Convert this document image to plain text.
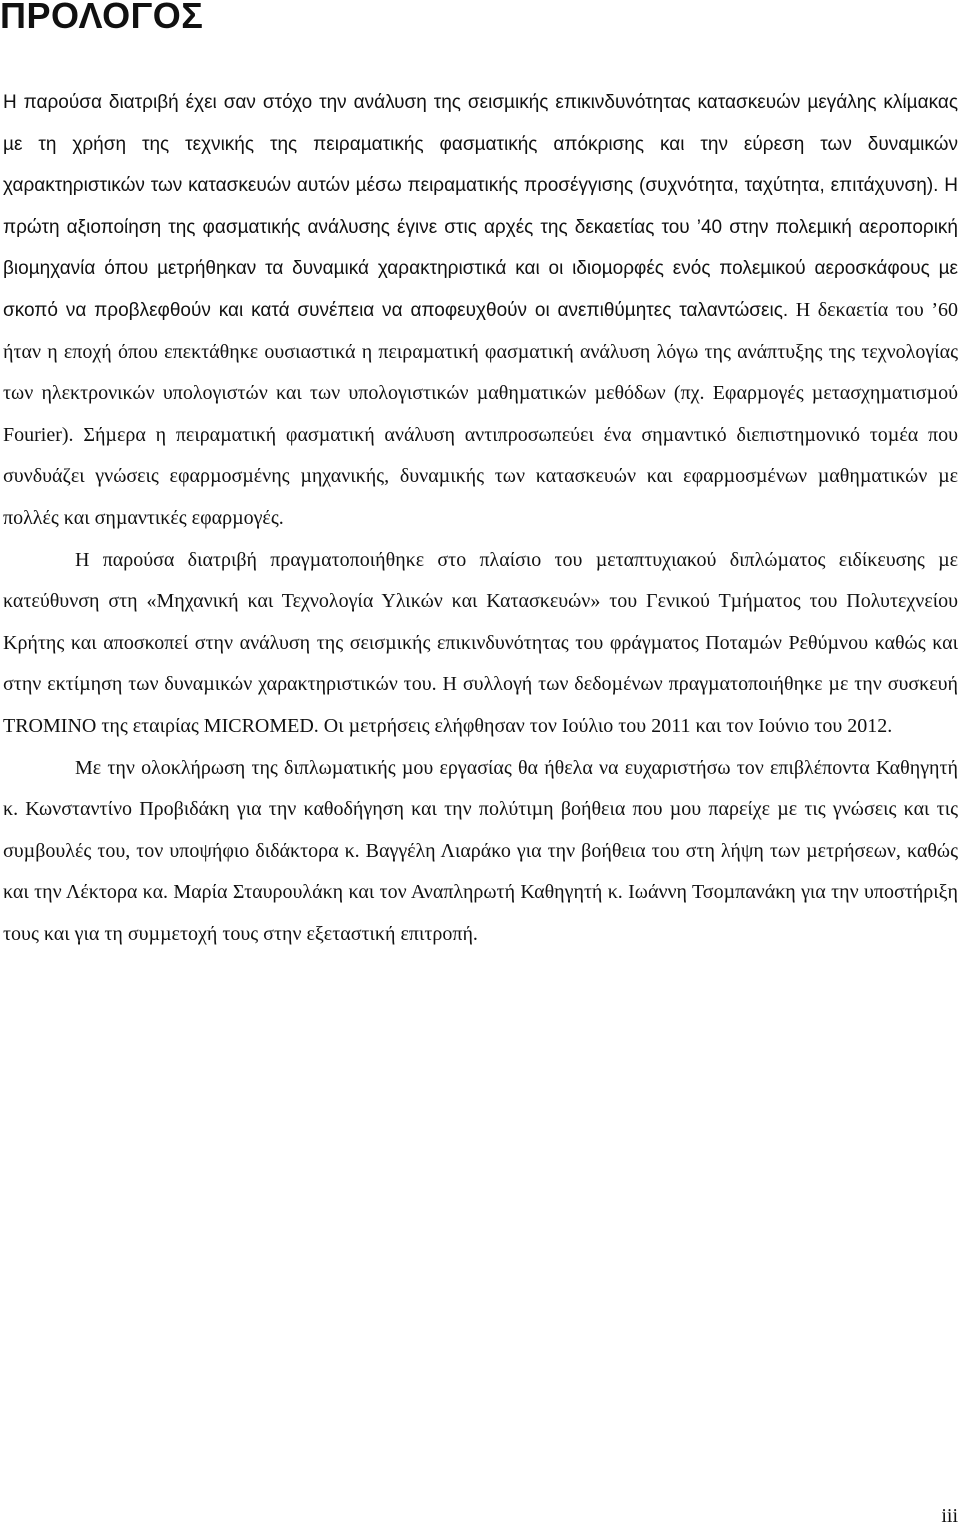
ΠΡΟΛΟΓΟΣ

Η παρούσα διατριβή έχει σαν στόχο την ανάλυση της σεισµικής επικινδυνότητας κατασκευών µεγάλης κλίµακας µε τη χρήση της τεχνικής της πειραµατικής φασµατικής απόκρισης και την εύρεση των δυναµικών χαρακτηριστικών των κατασκευών αυτών µέσω πειραµατικής προσέγγισης (συχνότητα, ταχύτητα, επιτάχυνση). Η πρώτη αξιοποίηση της φασµατικής ανάλυσης έγινε στις αρχές της δεκαετίας του ’40 στην πολεµική αεροπορική βιοµηχανία όπου µετρήθηκαν τα δυναµικά χαρακτηριστικά και οι ιδιοµορφές ενός πολεµικού αεροσκάφους µε σκοπό να προβλεφθούν και κατά συνέπεια να αποφευχθούν οι ανεπιθύµητες ταλαντώσεις. Η δεκαετία του ’60 ήταν η εποχή όπου επεκτάθηκε ουσιαστικά η πειραµατική φασµατική ανάλυση λόγω της ανάπτυξης της τεχνολογίας των ηλεκτρονικών υπολογιστών και των υπολογιστικών µαθηµατικών µεθόδων (πχ. Εφαρµογές µετασχηµατισµού Fourier). Σήµερα η πειραµατική φασµατική ανάλυση αντιπροσωπεύει ένα σηµαντικό διεπιστηµονικό τοµέα που συνδυάζει γνώσεις εφαρµοσµένης µηχανικής, δυναµικής των κατασκευών και εφαρµοσµένων µαθηµατικών µε πολλές και σηµαντικές εφαρµογές.

Η παρούσα διατριβή πραγµατοποιήθηκε στο πλαίσιο του µεταπτυχιακού διπλώµατος ειδίκευσης µε κατεύθυνση στη «Μηχανική και Τεχνολογία Υλικών και Κατασκευών» του Γενικού Τµήµατος του Πολυτεχνείου Κρήτης και αποσκοπεί στην ανάλυση της σεισµικής επικινδυνότητας του φράγµατος Ποταµών Ρεθύµνου καθώς και στην εκτίµηση των δυναµικών χαρακτηριστικών του. Η συλλογή των δεδοµένων πραγµατοποιήθηκε µε την συσκευή TROMINO της εταιρίας MICROMED. Οι µετρήσεις ελήφθησαν τον Ιούλιο του 2011 και τον Ιούνιο του 2012.

Με την ολοκλήρωση της διπλωµατικής µου εργασίας θα ήθελα να ευχαριστήσω τον επιβλέποντα Καθηγητή κ. Κωνσταντίνο Προβιδάκη για την καθοδήγηση και την πολύτιµη βοήθεια που µου παρείχε µε τις γνώσεις και τις συµβουλές του, τον υποψήφιο διδάκτορα κ. Βαγγέλη Λιαράκο για την βοήθεια του στη λήψη των µετρήσεων, καθώς και την Λέκτορα κα. Μαρία Σταυρουλάκη και τον Αναπληρωτή Καθηγητή κ. Ιωάννη Τσοµπανάκη για την υποστήριξη τους και για τη συµµετοχή τους στην εξεταστική επιτροπή.

iii
